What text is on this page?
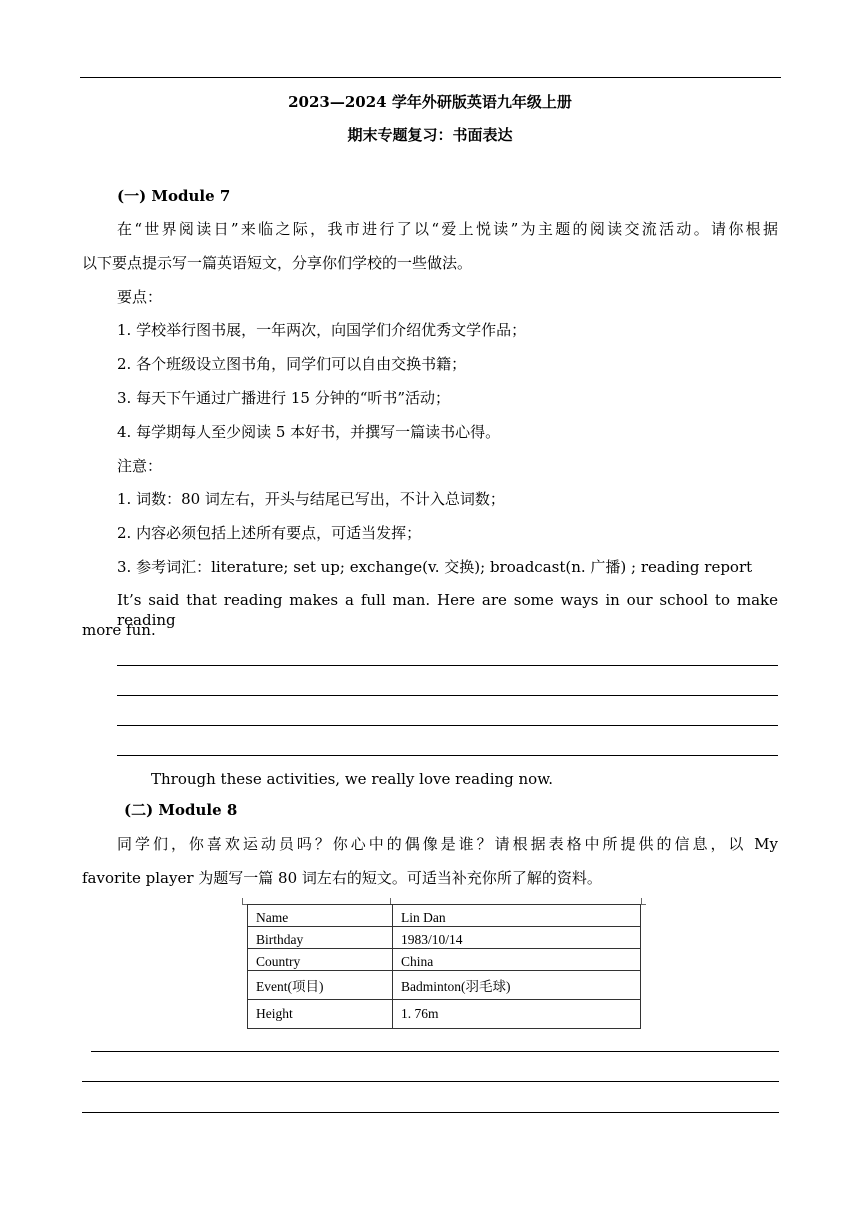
2023—2024 学年外研版英语九年级上册
期末专题复习：书面表达
(一) Module 7
在“世界阅读日”来临之际，我市进行了以“爱上悦读”为主题的阅读交流活动。请你根据
以下要点提示写一篇英语短文，分享你们学校的一些做法。
要点：
1. 学校举行图书展，一年两次，向国学们介绍优秀文学作品；
2. 各个班级设立图书角，同学们可以自由交换书籍；
3. 每天下午通过广播进行 15 分钟的“听书”活动；
4. 每学期每人至少阅读 5 本好书，并撰写一篇读书心得。
注意：
1. 词数：80 词左右，开头与结尾已写出，不计入总词数；
2. 内容必须包括上述所有要点，可适当发挥；
3. 参考词汇：literature; set up; exchange(v. 交换); broadcast(n. 广播) ; reading report
It’s said that reading makes a full man. Here are some ways in our school to make reading
more fun.
Through these activities, we really love reading now.
(二) Module 8
同学们，你喜欢运动员吗？你心中的偶像是谁？请根据表格中所提供的信息，以 My
favorite player 为题写一篇 80 词左右的短文。可适当补充你所了解的资料。
Name	Lin Dan
Birthday	1983/10/14
Country	China
Event(项目)	Badminton(羽毛球)
Height	1. 76m
